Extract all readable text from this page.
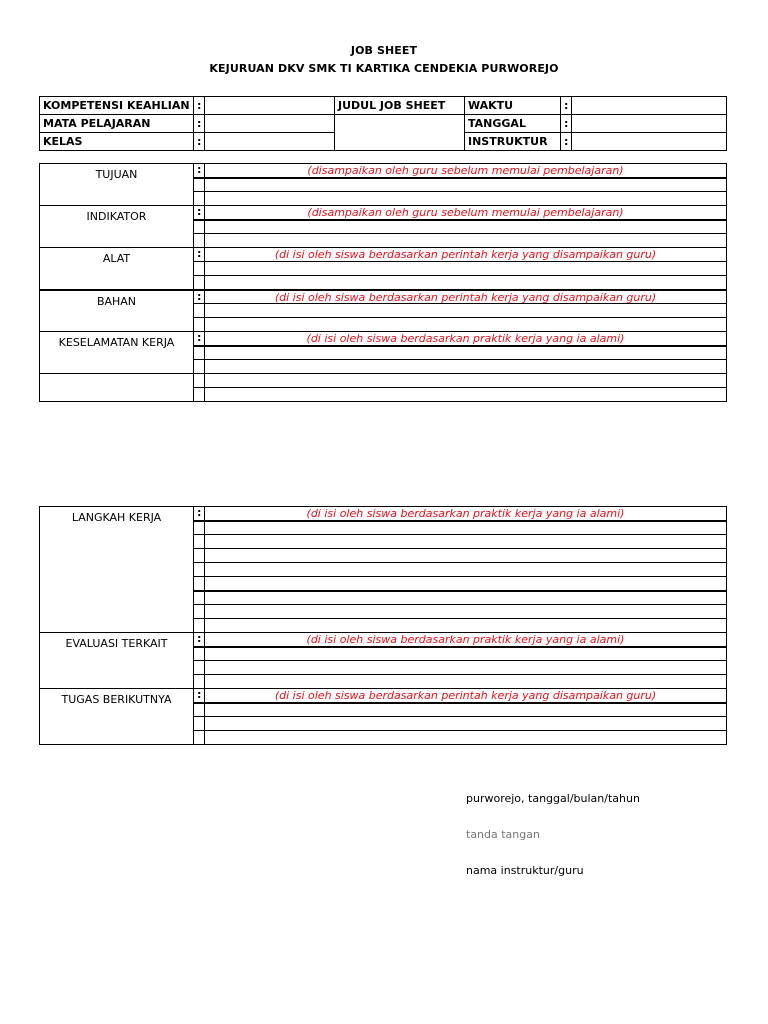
JOB SHEET
KEJURUAN DKV SMK TI KARTIKA CENDEKIA PURWOREJO
KOMPETENSI KEAHLIAN	:		JUDUL JOB SHEET	WAKTU	:	
MATA PELAJARAN	:			TANGGAL	:	
KELAS	:			INSTRUKTUR	:	
TUJUAN	:	(disampaikan oleh guru sebelum memulai pembelajaran)

INDIKATOR	:	(disampaikan oleh guru sebelum memulai pembelajaran)

ALAT	:	(di isi oleh siswa berdasarkan perintah kerja yang disampaikan guru)

BAHAN	:	(di isi oleh siswa berdasarkan perintah kerja yang disampaikan guru)

KESELAMATAN KERJA	:	(di isi oleh siswa berdasarkan praktik kerja yang ia alami)

LANGKAH KERJA	:	(di isi oleh siswa berdasarkan praktik kerja yang ia alami)

EVALUASI TERKAIT	:	(di isi oleh siswa berdasarkan praktik kerja yang ia alami)

TUGAS BERIKUTNYA	:	(di isi oleh siswa berdasarkan perintah kerja yang disampaikan guru)

purworejo, tanggal/bulan/tahun
tanda tangan
nama instruktur/guru
